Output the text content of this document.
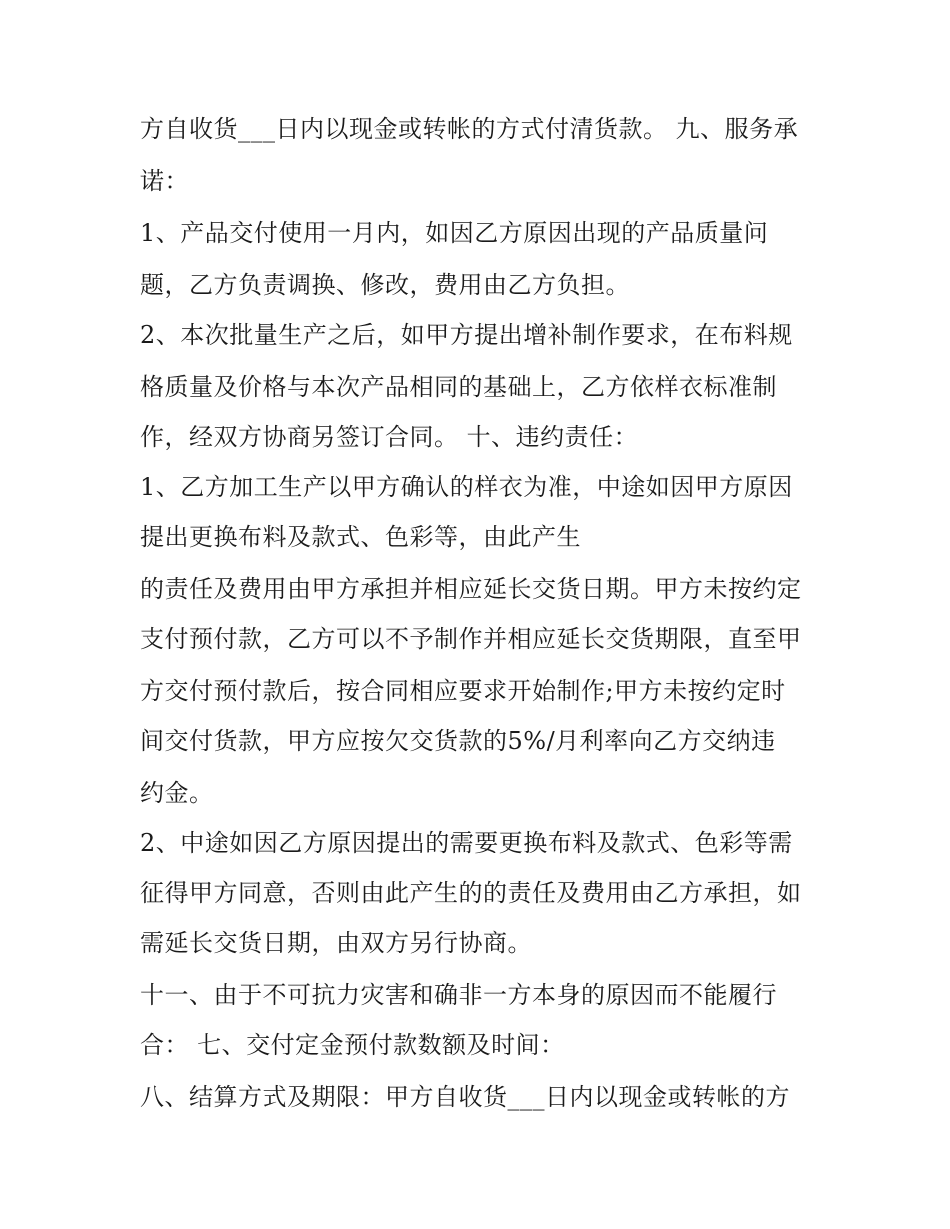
方自收货___日内以现金或转帐的方式付清货款。 九、服务承
诺：
1、产品交付使用一月内，如因乙方原因出现的产品质量问
题，乙方负责调换、修改，费用由乙方负担。
2、本次批量生产之后，如甲方提出增补制作要求，在布料规
格质量及价格与本次产品相同的基础上，乙方依样衣标准制
作，经双方协商另签订合同。 十、违约责任：
1、乙方加工生产以甲方确认的样衣为准，中途如因甲方原因
提出更换布料及款式、色彩等，由此产生
的责任及费用由甲方承担并相应延长交货日期。甲方未按约定
支付预付款，乙方可以不予制作并相应延长交货期限，直至甲
方交付预付款后，按合同相应要求开始制作;甲方未按约定时
间交付货款，甲方应按欠交货款的5%/月利率向乙方交纳违
约金。
2、中途如因乙方原因提出的需要更换布料及款式、色彩等需
征得甲方同意，否则由此产生的的责任及费用由乙方承担，如
需延长交货日期，由双方另行协商。
十一、由于不可抗力灾害和确非一方本身的原因而不能履行
合： 七、交付定金预付款数额及时间：
八、结算方式及期限：甲方自收货___日内以现金或转帐的方
